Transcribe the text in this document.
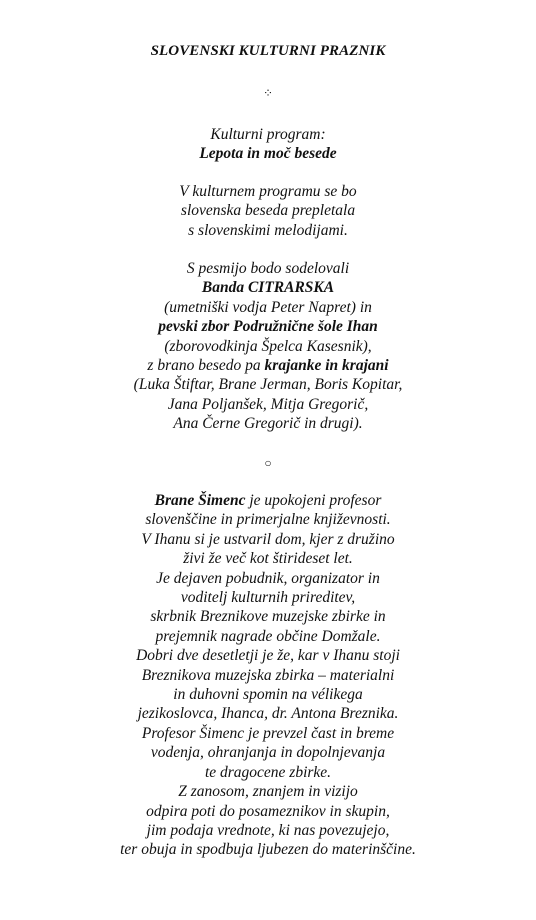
SLOVENSKI KULTURNI PRAZNIK
⁘

Kulturni program:

Lepota in moč besede

V kulturnem programu se bo

slovenska beseda prepletala

s slovenskimi melodijami.

S pesmijo bodo sodelovali

Banda CITRARSKA

(umetniški vodja Peter Napret) in

pevski zbor Podružnične šole Ihan

(zborovodkinja Špelca Kasesnik),

z brano besedo pa krajanke in krajani

(Luka Štiftar, Brane Jerman, Boris Kopitar,

Jana Poljanšek, Mitja Gregorič,

Ana Černe Gregorič in drugi).

○

Brane Šimenc je upokojeni profesor

slovenščine in primerjalne književnosti.

V Ihanu si je ustvaril dom, kjer z družino

živi že več kot štirideset let.

Je dejaven pobudnik, organizator in

voditelj kulturnih prireditev,

skrbnik Breznikove muzejske zbirke in

prejemnik nagrade občine Domžale.

Dobri dve desetletji je že, kar v Ihanu stoji

Breznikova muzejska zbirka – materialni

in duhovni spomin na vélikega

jezikoslovca, Ihanca, dr. Antona Breznika.

Profesor Šimenc je prevzel čast in breme

vodenja, ohranjanja in dopolnjevanja

te dragocene zbirke.

Z zanosom, znanjem in vizijo

odpira poti do posameznikov in skupin,

jim podaja vrednote, ki nas povezujejo,

ter obuja in spodbuja ljubezen do materinščine.
